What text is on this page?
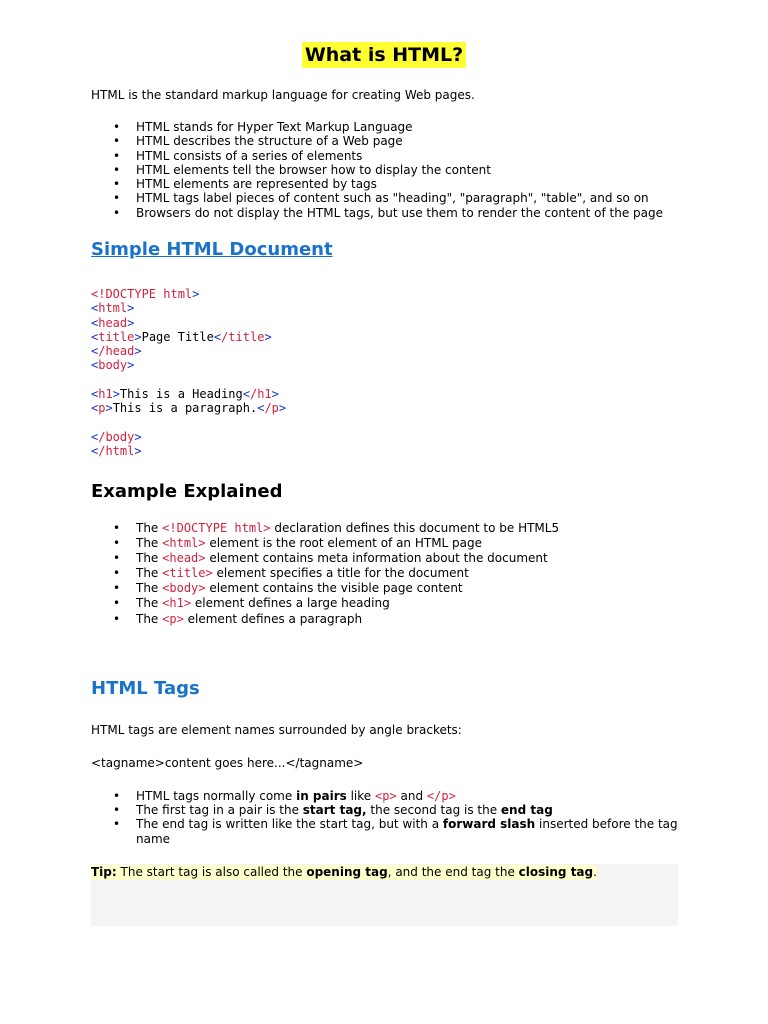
What is HTML?
HTML is the standard markup language for creating Web pages.
• HTML stands for Hyper Text Markup Language
• HTML describes the structure of a Web page
• HTML consists of a series of elements
• HTML elements tell the browser how to display the content
• HTML elements are represented by tags
• HTML tags label pieces of content such as "heading", "paragraph", "table", and so on
• Browsers do not display the HTML tags, but use them to render the content of the page
Simple HTML Document
<!DOCTYPE html>
<html>
<head>
<title>Page Title</title>
</head>
<body>

<h1>This is a Heading</h1>
<p>This is a paragraph.</p>

</body>
</html>
Example Explained
• The <!DOCTYPE html> declaration defines this document to be HTML5
• The <html> element is the root element of an HTML page
• The <head> element contains meta information about the document
• The <title> element specifies a title for the document
• The <body> element contains the visible page content
• The <h1> element defines a large heading
• The <p> element defines a paragraph
HTML Tags
HTML tags are element names surrounded by angle brackets:
<tagname>content goes here...</tagname>
• HTML tags normally come in pairs like <p> and </p>
• The first tag in a pair is the start tag, the second tag is the end tag
• The end tag is written like the start tag, but with a forward slash inserted before the tag
name
Tip: The start tag is also called the opening tag, and the end tag the closing tag.
